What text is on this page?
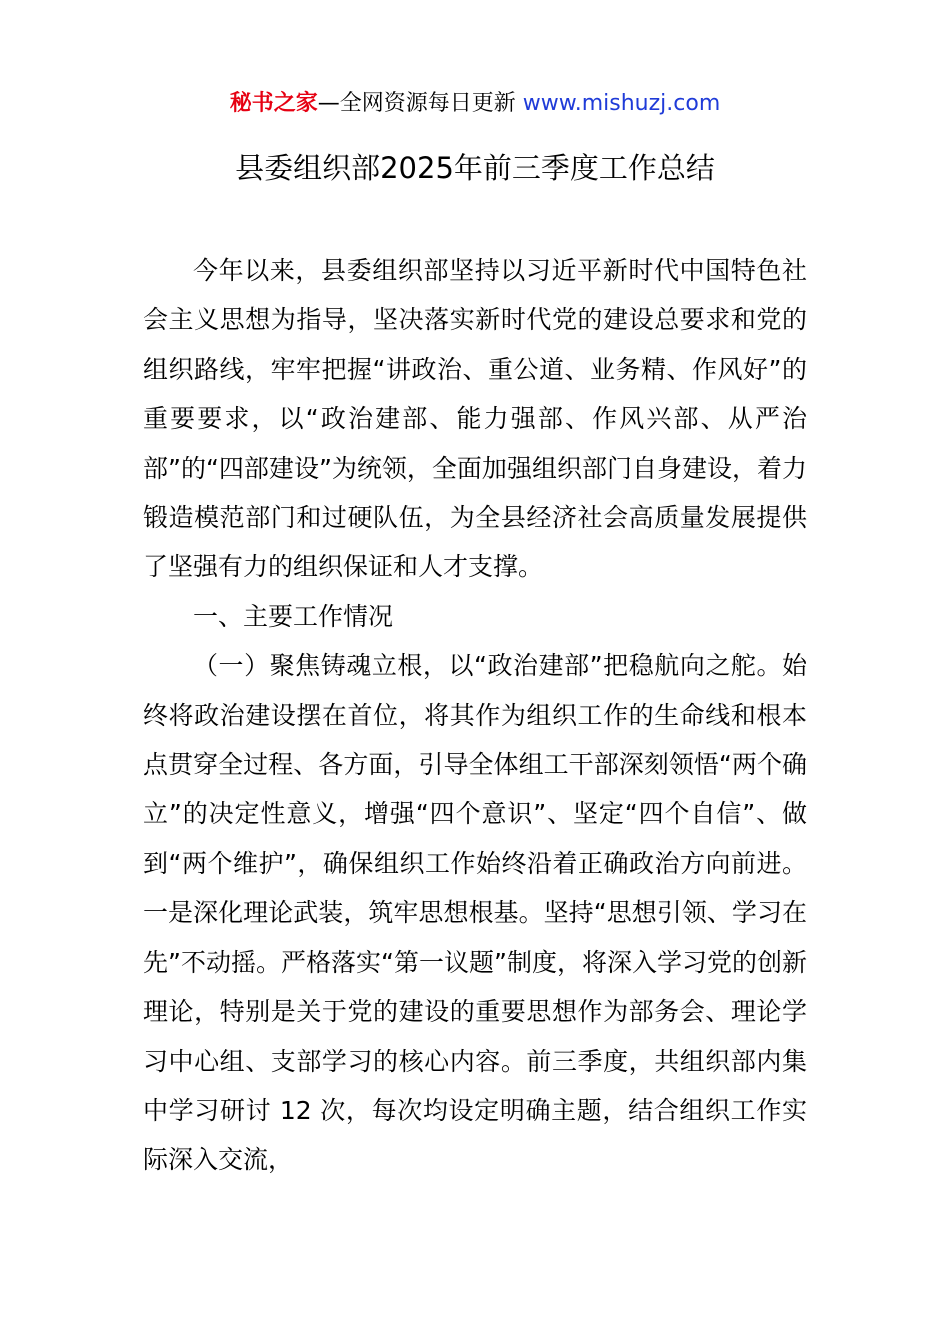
秘书之家—全网资源每日更新 www.mishuzj.com
县委组织部2025年前三季度工作总结

今年以来，县委组织部坚持以习近平新时代中国特色社会主义思想为指导，坚决落实新时代党的建设总要求和党的组织路线，牢牢把握“讲政治、重公道、业务精、作风好”的重要要求，以“政治建部、能力强部、作风兴部、从严治部”的“四部建设”为统领，全面加强组织部门自身建设，着力锻造模范部门和过硬队伍，为全县经济社会高质量发展提供了坚强有力的组织保证和人才支撑。

一、主要工作情况

（一）聚焦铸魂立根，以“政治建部”把稳航向之舵。始终将政治建设摆在首位，将其作为组织工作的生命线和根本点贯穿全过程、各方面，引导全体组工干部深刻领悟“两个确立”的决定性意义，增强“四个意识”、坚定“四个自信”、做到“两个维护”，确保组织工作始终沿着正确政治方向前进。一是深化理论武装，筑牢思想根基。坚持“思想引领、学习在先”不动摇。严格落实“第一议题”制度，将深入学习党的创新理论，特别是关于党的建设的重要思想作为部务会、理论学习中心组、支部学习的核心内容。前三季度，共组织部内集中学习研讨 12 次，每次均设定明确主题，结合组织工作实际深入交流，
